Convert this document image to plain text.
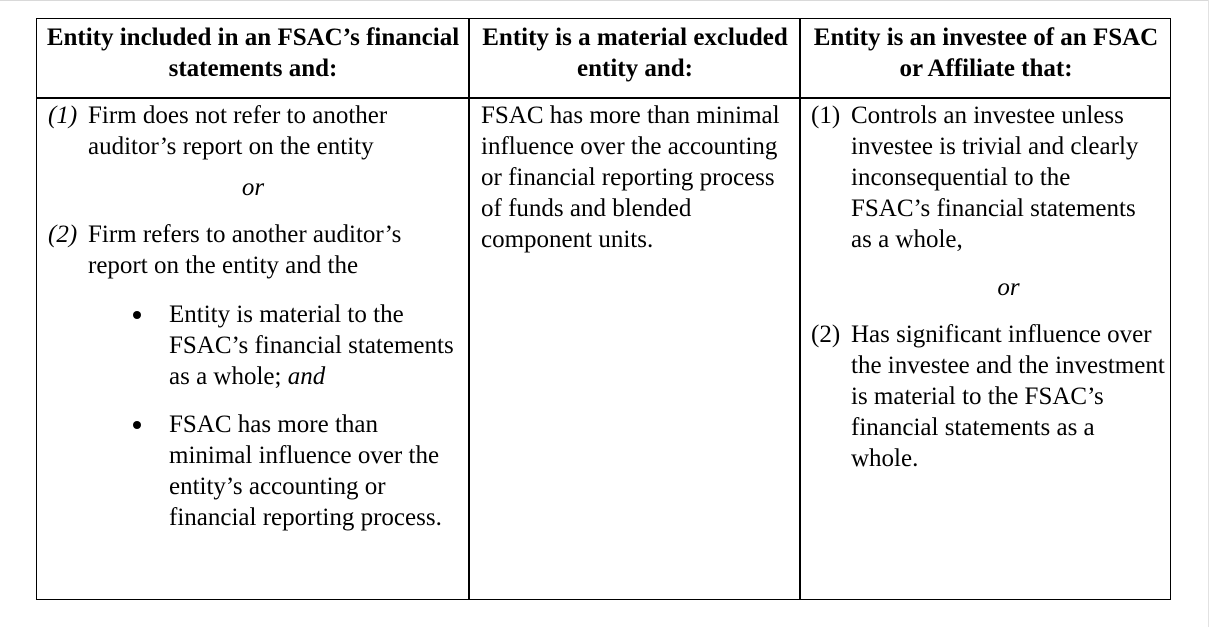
Entity included in an FSAC’s financial statements and:
Entity is a material excluded entity and:
Entity is an investee of an FSAC or Affiliate that:
(1) Firm does not refer to another auditor’s report on the entity
or
(2) Firm refers to another auditor’s report on the entity and the
Entity is material to the FSAC’s financial statements as a whole; and
FSAC has more than minimal influence over the entity’s accounting or financial reporting process.
FSAC has more than minimal influence over the accounting or financial reporting process of funds and blended component units.
(1) Controls an investee unless investee is trivial and clearly inconsequential to the FSAC’s financial statements as a whole,
or
(2) Has significant influence over the investee and the investment is material to the FSAC’s financial statements as a whole.
